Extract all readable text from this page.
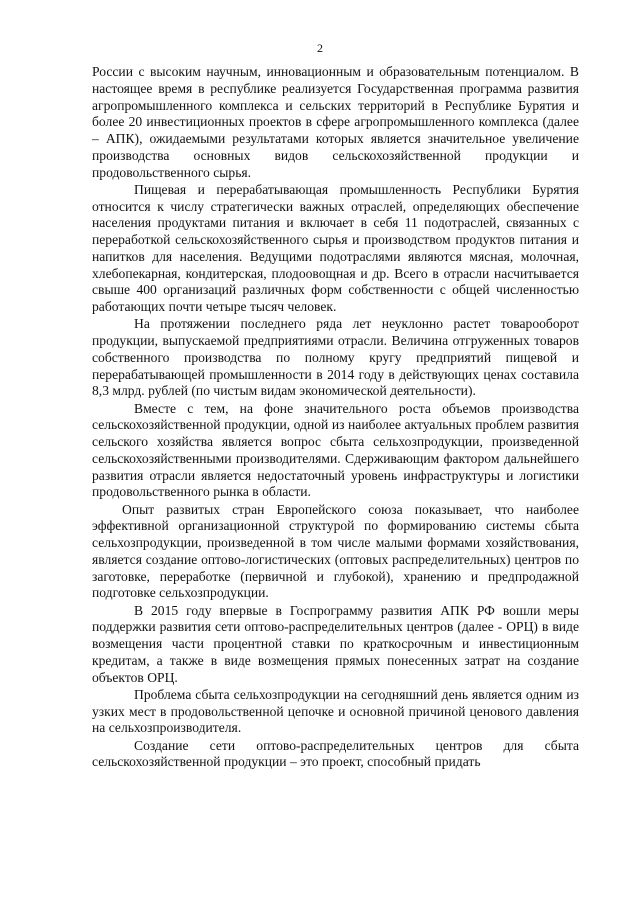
2

России с высоким научным, инновационным и образовательным потенциалом. В настоящее время в республике реализуется Государственная программа развития агропромышленного комплекса и сельских территорий в Республике Бурятия и более 20 инвестиционных проектов в сфере агропромышленного комплекса (далее – АПК), ожидаемыми результатами которых является значительное увеличение производства основных видов сельскохозяйственной продукции и продовольственного сырья.

Пищевая и перерабатывающая промышленность Республики Бурятия относится к числу стратегически важных отраслей, определяющих обеспечение населения продуктами питания и включает в себя 11 подотраслей, связанных с переработкой сельскохозяйственного сырья и производством продуктов питания и напитков для населения. Ведущими подотраслями являются мясная, молочная, хлебопекарная, кондитерская, плодоовощная и др. Всего в отрасли насчитывается свыше 400 организаций различных форм собственности с общей численностью работающих почти четыре тысяч человек.

На протяжении последнего ряда лет неуклонно растет товарооборот продукции, выпускаемой предприятиями отрасли. Величина отгруженных товаров собственного производства по полному кругу предприятий пищевой и перерабатывающей промышленности в 2014 году в действующих ценах составила 8,3 млрд. рублей (по чистым видам экономической деятельности).

Вместе с тем, на фоне значительного роста объемов производства сельскохозяйственной продукции, одной из наиболее актуальных проблем развития сельского хозяйства является вопрос сбыта сельхозпродукции, произведенной сельскохозяйственными производителями. Сдерживающим фактором дальнейшего развития отрасли является недостаточный уровень инфраструктуры и логистики продовольственного рынка в области.

Опыт развитых стран Европейского союза показывает, что наиболее эффективной организационной структурой по формированию системы сбыта сельхозпродукции, произведенной в том числе малыми формами хозяйствования, является создание оптово-логистических (оптовых распределительных) центров по заготовке, переработке (первичной и глубокой), хранению и предпродажной подготовке сельхозпродукции.

В 2015 году впервые в Госпрограмму развития АПК РФ вошли меры поддержки развития сети оптово-распределительных центров (далее - ОРЦ) в виде возмещения части процентной ставки по краткосрочным и инвестиционным кредитам, а также в виде возмещения прямых понесенных затрат на создание объектов ОРЦ.

Проблема сбыта сельхозпродукции на сегодняшний день является одним из узких мест в продовольственной цепочке и основной причиной ценового давления на сельхозпроизводителя.

Создание сети оптово-распределительных центров для сбыта сельскохозяйственной продукции – это проект, способный придать
